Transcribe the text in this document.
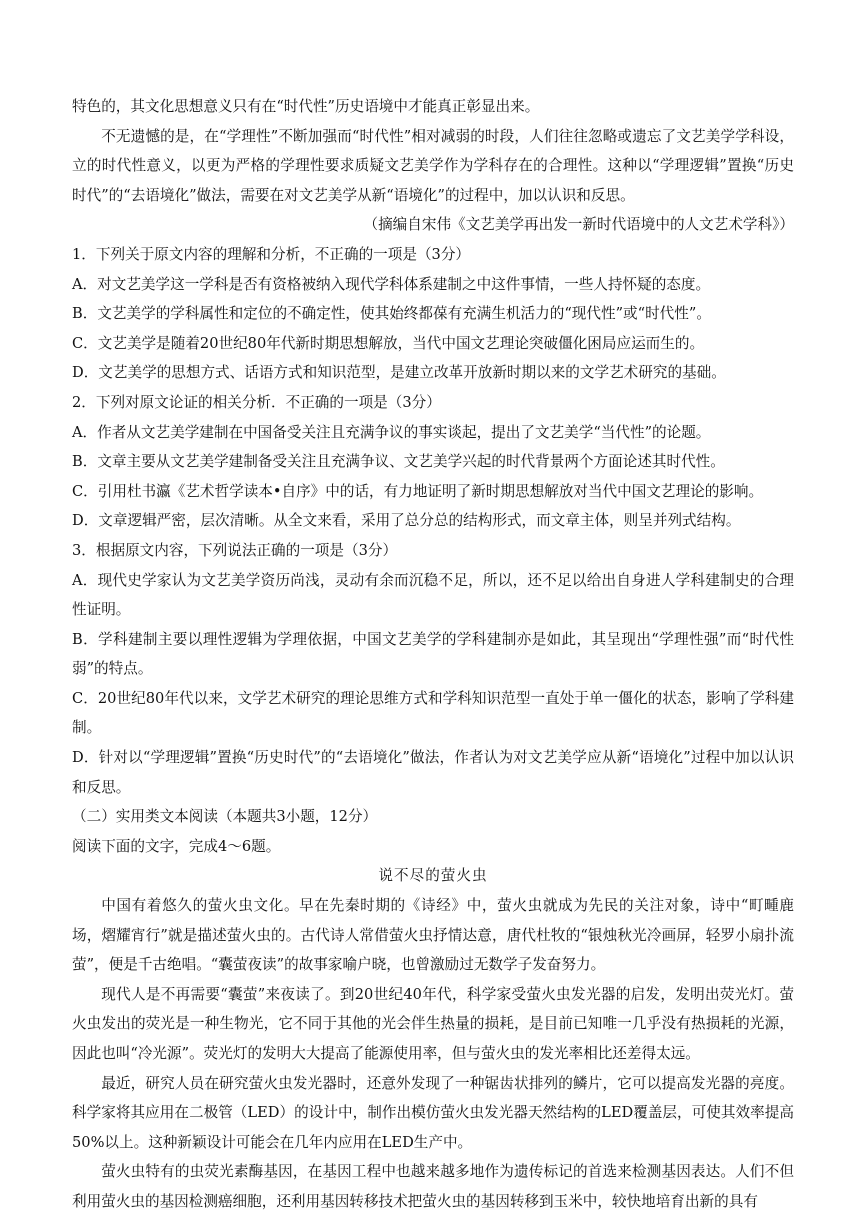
特色的，其文化思想意义只有在“时代性”历史语境中才能真正彰显出来。

不无遗憾的是，在“学理性”不断加强而“时代性”相对减弱的时段，人们往往忽略或遗忘了文艺美学学科设，立的时代性意义，以更为严格的学理性要求质疑文艺美学作为学科存在的合理性。这种以“学理逻辑”置换“历史时代”的“去语境化”做法，需要在对文艺美学从新“语境化”的过程中，加以认识和反思。

（摘编自宋伟《文艺美学再出发一新时代语境中的人文艺术学科》）

1．下列关于原文内容的理解和分析，不正确的一项是（3分）

A．对文艺美学这一学科是否有资格被纳入现代学科体系建制之中这件事情，一些人持怀疑的态度。

B．文艺美学的学科属性和定位的不确定性，使其始终都葆有充满生机活力的“现代性”或“时代性”。

C．文艺美学是随着20世纪80年代新时期思想解放，当代中国文艺理论突破僵化困局应运而生的。

D．文艺美学的思想方式、话语方式和知识范型，是建立改革开放新时期以来的文学艺术研究的基础。

2．下列对原文论证的相关分析．不正确的一项是（3分）

A．作者从文艺美学建制在中国备受关注且充满争议的事实谈起，提出了文艺美学“当代性”的论题。

B．文章主要从文艺美学建制备受关注且充满争议、文艺美学兴起的时代背景两个方面论述其时代性。

C．引用杜书瀛《艺术哲学读本•自序》中的话，有力地证明了新时期思想解放对当代中国文艺理论的影响。

D．文章逻辑严密，层次清晰。从全文来看，采用了总分总的结构形式，而文章主体，则呈并列式结构。

3．根据原文内容，下列说法正确的一项是（3分）

A．现代史学家认为文艺美学资历尚浅，灵动有余而沉稳不足，所以，还不足以给出自身进人学科建制史的合理性证明。

B．学科建制主要以理性逻辑为学理依据，中国文艺美学的学科建制亦是如此，其呈现出“学理性强”而“时代性弱”的特点。

C．20世纪80年代以来，文学艺术研究的理论思维方式和学科知识范型一直处于单一僵化的状态，影响了学科建制。

D．针对以“学理逻辑”置换“历史时代”的“去语境化”做法，作者认为对文艺美学应从新“语境化”过程中加以认识和反思。

（二）实用类文本阅读（本题共3小题，12分）

阅读下面的文字，完成4～6题。

说不尽的萤火虫

中国有着悠久的萤火虫文化。早在先秦时期的《诗经》中，萤火虫就成为先民的关注对象，诗中“町畽鹿场，熠耀宵行”就是描述萤火虫的。古代诗人常借萤火虫抒情达意，唐代杜牧的“银烛秋光冷画屏，轻罗小扇扑流萤”，便是千古绝唱。“囊萤夜读”的故事家喻户晓，也曾激励过无数学子发奋努力。

现代人是不再需要“囊萤”来夜读了。到20世纪40年代，科学家受萤火虫发光器的启发，发明出荧光灯。萤火虫发出的荧光是一种生物光，它不同于其他的光会伴生热量的损耗，是目前已知唯一几乎没有热损耗的光源，因此也叫“冷光源”。荧光灯的发明大大提高了能源使用率，但与萤火虫的发光率相比还差得太远。

最近，研究人员在研究萤火虫发光器时，还意外发现了一种锯齿状排列的鳞片，它可以提高发光器的亮度。科学家将其应用在二极管（LED）的设计中，制作出模仿萤火虫发光器天然结构的LED覆盖层，可使其效率提高50%以上。这种新颖设计可能会在几年内应用在LED生产中。

萤火虫特有的虫荧光素酶基因，在基因工程中也越来越多地作为遗传标记的首选来检测基因表达。人们不但利用萤火虫的基因检测癌细胞，还利用基因转移技术把萤火虫的基因转移到玉米中，较快地培育出新的具有
